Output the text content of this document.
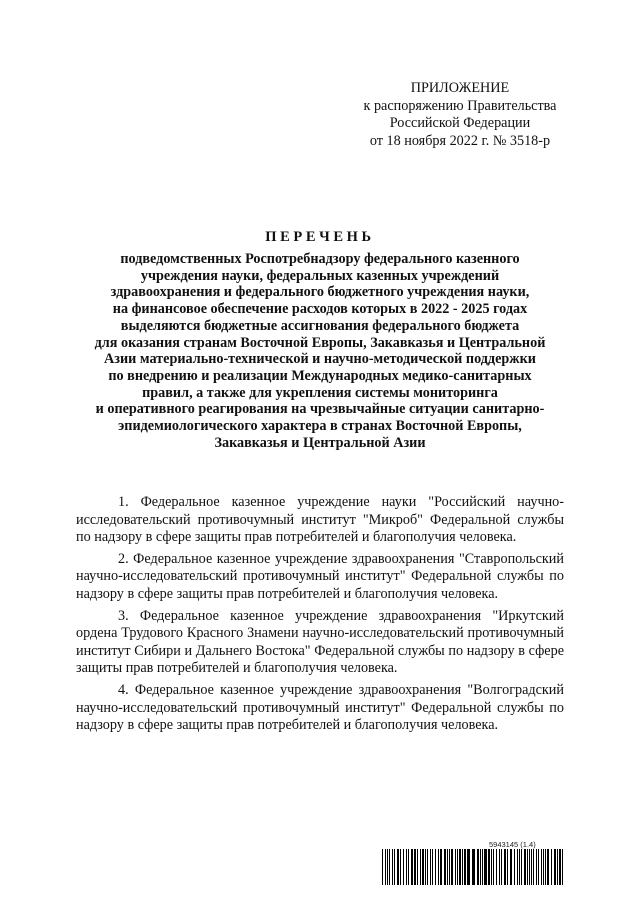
ПРИЛОЖЕНИЕ
к распоряжению Правительства
Российской Федерации
от 18 ноября 2022 г. № 3518-р
ПЕРЕЧЕНЬ
подведомственных Роспотребнадзору федерального казенного
учреждения науки, федеральных казенных учреждений
здравоохранения и федерального бюджетного учреждения науки,
на финансовое обеспечение расходов которых в 2022 - 2025 годах
выделяются бюджетные ассигнования федерального бюджета
для оказания странам Восточной Европы, Закавказья и Центральной
Азии материально-технической и научно-методической поддержки
по внедрению и реализации Международных медико-санитарных
правил, а также для укрепления системы мониторинга
и оперативного реагирования на чрезвычайные ситуации санитарно-
эпидемиологического характера в странах Восточной Европы,
Закавказья и Центральной Азии

1. Федеральное казенное учреждение науки "Российский научно-исследовательский противочумный институт "Микроб" Федеральной службы по надзору в сфере защиты прав потребителей и благополучия человека.

2. Федеральное казенное учреждение здравоохранения "Ставропольский научно-исследовательский противочумный институт" Федеральной службы по надзору в сфере защиты прав потребителей и благополучия человека.

3. Федеральное казенное учреждение здравоохранения "Иркутский ордена Трудового Красного Знамени научно-исследовательский противочумный институт Сибири и Дальнего Востока" Федеральной службы по надзору в сфере защиты прав потребителей и благополучия человека.

4. Федеральное казенное учреждение здравоохранения "Волгоградский научно-исследовательский противочумный институт" Федеральной службы по надзору в сфере защиты прав потребителей и благополучия человека.

5943145 (1.4)
